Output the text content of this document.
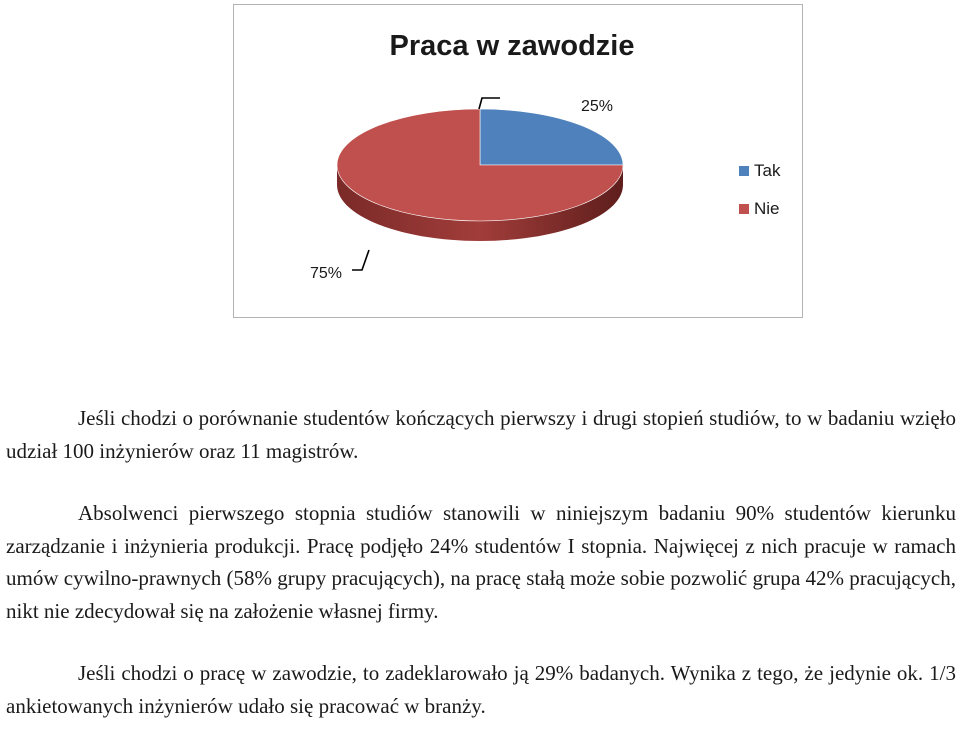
Praca w zawodzie
25%
75%
Tak
Nie

Jeśli chodzi o porównanie studentów kończących pierwszy i drugi stopień studiów, to w badaniu wzięło udział 100 inżynierów oraz 11 magistrów.

Absolwenci pierwszego stopnia studiów stanowili w niniejszym badaniu 90% studentów kierunku zarządzanie i inżynieria produkcji. Pracę podjęło 24% studentów I stopnia. Najwięcej z nich pracuje w ramach umów cywilno-prawnych (58% grupy pracujących), na pracę stałą może sobie pozwolić grupa 42% pracujących, nikt nie zdecydował się na założenie własnej firmy.

Jeśli chodzi o pracę w zawodzie, to zadeklarowało ją 29% badanych. Wynika z tego, że jedynie ok. 1/3 ankietowanych inżynierów udało się pracować w branży.
